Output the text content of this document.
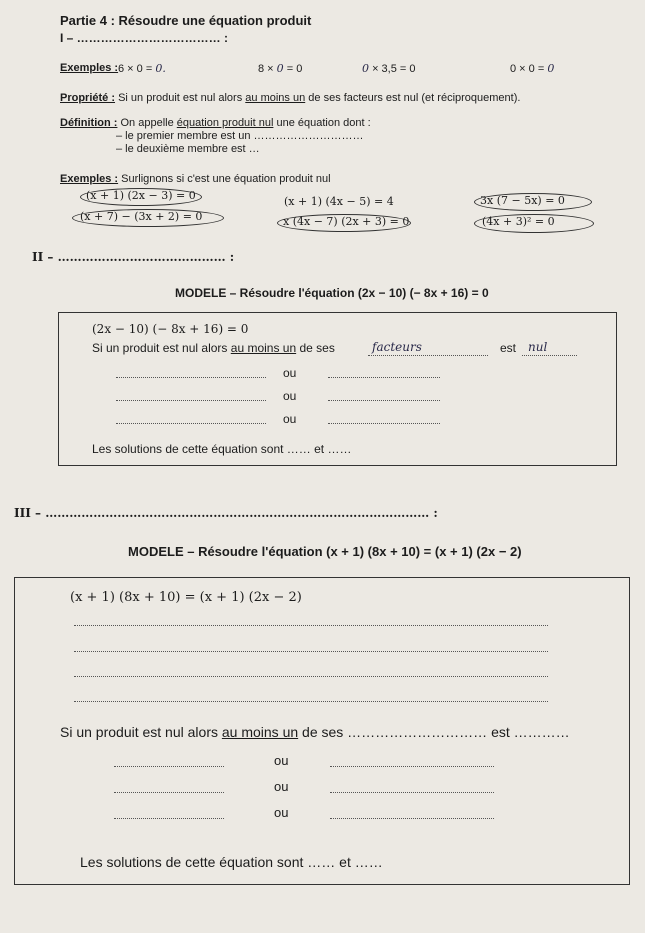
Partie 4 : Résoudre une équation produit
I – ……………………………… :
Exemples : 6 × 0 = 0.	8 × 0 = 0	0 × 3,5 = 0	0 × 0 = 0
Propriété : Si un produit est nul alors au moins un de ses facteurs est nul (et réciproquement).
Définition : On appelle équation produit nul une équation dont :
– le premier membre est un …………………………
– le deuxième membre est …
Exemples : Surlignons si c'est une équation produit nul
(x + 1) (2x − 3) = 0	(x + 1) (4x − 5) = 4	3x (7 − 5x) = 0
(x + 7) − (3x + 2) = 0	x (4x − 7) (2x + 3) = 0	(4x + 3)² = 0
II – …………………………………… :
MODELE – Résoudre l'équation (2x − 10) (− 8x + 16) = 0
(2x − 10) (− 8x + 16) = 0
Si un produit est nul alors au moins un de ses	facteurs	est nul
ou
ou
ou
Les solutions de cette équation sont …… et ……
III – …………………………………………………………………………………… :
MODELE – Résoudre l'équation (x + 1) (8x + 10) = (x + 1) (2x − 2)
(x + 1) (8x + 10) = (x + 1) (2x − 2)
Si un produit est nul alors au moins un de ses ………………………… est …………
ou
ou
ou
Les solutions de cette équation sont …… et ……
